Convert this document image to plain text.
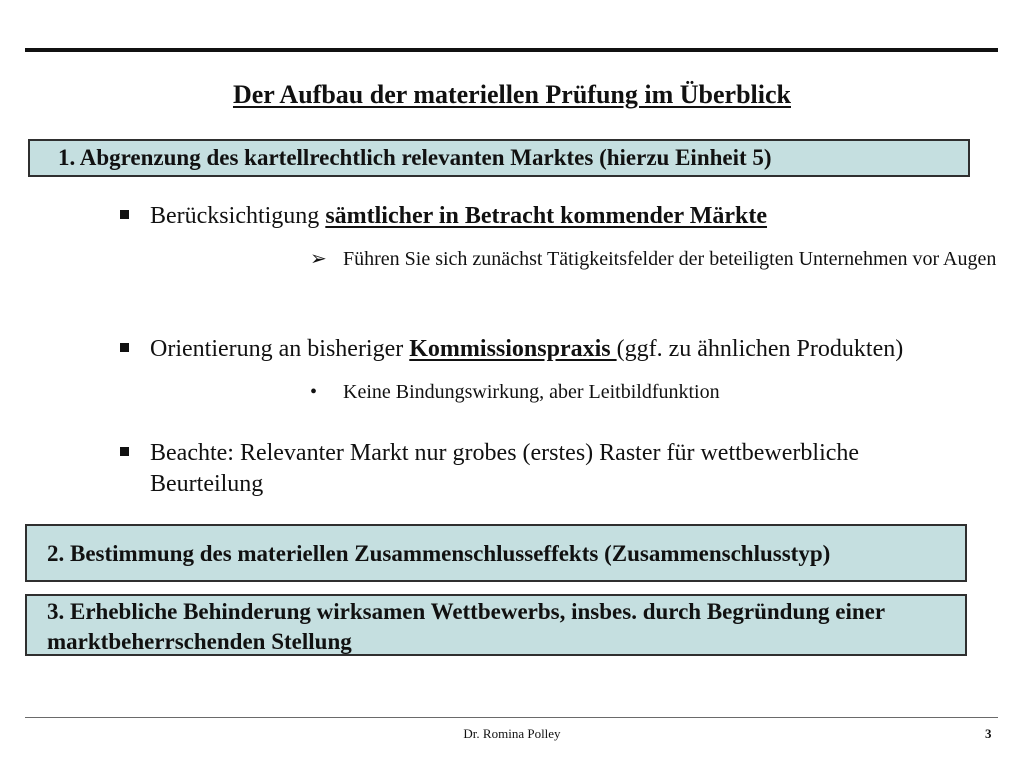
Der Aufbau der materiellen Prüfung im Überblick
1. Abgrenzung des kartellrechtlich relevanten Marktes (hierzu Einheit 5)
Berücksichtigung sämtlicher in Betracht kommender Märkte
➢ Führen Sie sich zunächst Tätigkeitsfelder der beteiligten Unternehmen vor Augen
Orientierung an bisheriger Kommissionspraxis (ggf. zu ähnlichen Produkten)
• Keine Bindungswirkung, aber Leitbildfunktion
Beachte: Relevanter Markt nur grobes (erstes) Raster für wettbewerbliche Beurteilung
2. Bestimmung des materiellen Zusammenschlusseffekts (Zusammenschlusstyp)
3. Erhebliche Behinderung wirksamen Wettbewerbs, insbes. durch Begründung einer marktbeherrschenden Stellung
Dr. Romina Polley	3
